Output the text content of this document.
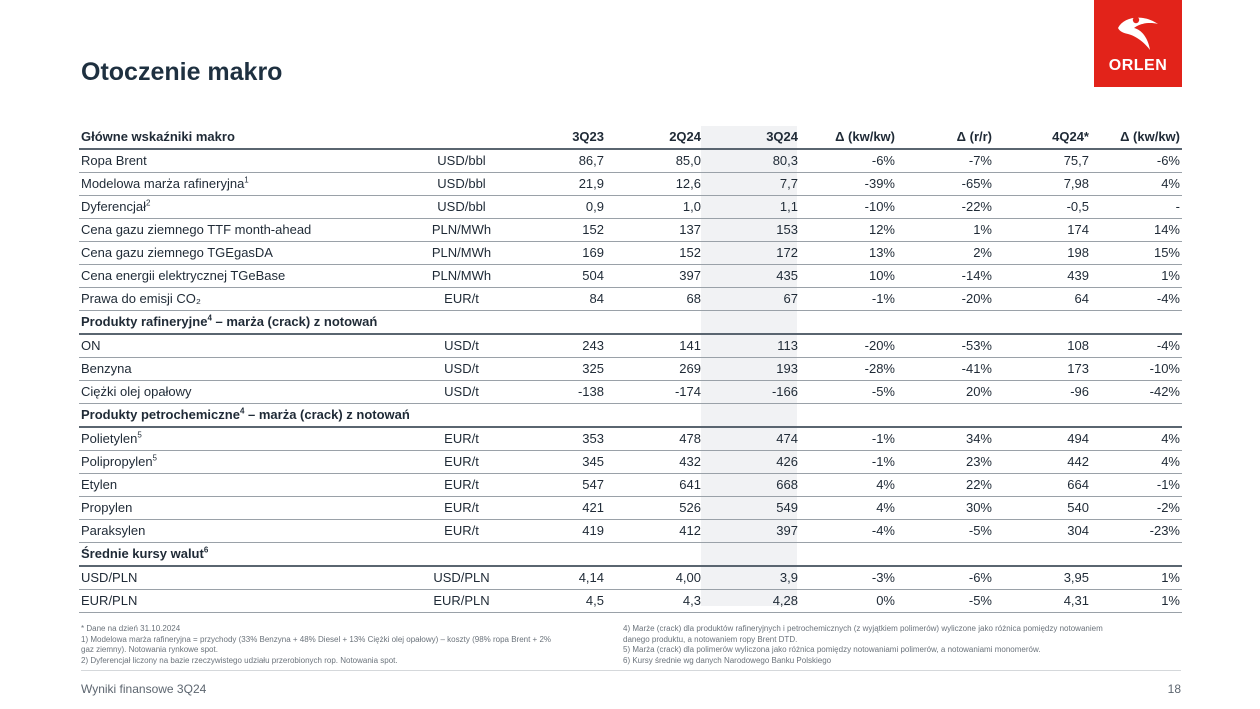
Otoczenie makro	ORLEN
Główne wskaźniki makro		3Q23	2Q24	3Q24	Δ (kw/kw)	Δ (r/r)	4Q24*	Δ (kw/kw)
Ropa Brent	USD/bbl	86,7	85,0	80,3	-6%	-7%	75,7	-6%
Modelowa marża rafineryjna$^1$	USD/bbl	21,9	12,6	7,7	-39%	-65%	7,98	4%
Dyferencjał$^2$	USD/bbl	0,9	1,0	1,1	-10%	-22%	-0,5	-
Cena gazu ziemnego TTF month-ahead	PLN/MWh	152	137	153	12%	1%	174	14%
Cena gazu ziemnego TGEgasDA	PLN/MWh	169	152	172	13%	2%	198	15%
Cena energii elektrycznej TGeBase	PLN/MWh	504	397	435	10%	-14%	439	1%
Prawa do emisji CO₂	EUR/t	84	68	67	-1%	-20%	64	-4%
Produkty rafineryjne$^4$ – marża (crack) z notowań								
ON	USD/t	243	141	113	-20%	-53%	108	-4%
Benzyna	USD/t	325	269	193	-28%	-41%	173	-10%
Ciężki olej opałowy	USD/t	-138	-174	-166	-5%	20%	-96	-42%
Produkty petrochemiczne$^4$ – marża (crack) z notowań								
Polietylen$^5$	EUR/t	353	478	474	-1%	34%	494	4%
Polipropylen$^5$	EUR/t	345	432	426	-1%	23%	442	4%
Etylen	EUR/t	547	641	668	4%	22%	664	-1%
Propylen	EUR/t	421	526	549	4%	30%	540	-2%
Paraksylen	EUR/t	419	412	397	-4%	-5%	304	-23%
Średnie kursy walut$^6$
USD/PLN	USD/PLN	4,14	4,00	3,9	-3%	-6%	3,95	1%
EUR/PLN	EUR/PLN	4,5	4,3	4,28	0%	-5%	4,31	1%
* Dane na dzień 31.10.2024
1) Modelowa marża rafineryjna = przychody (33% Benzyna + 48% Diesel + 13% Ciężki olej opałowy) – koszty (98% ropa Brent + 2%
gaz ziemny). Notowania rynkowe spot.
2) Dyferencjał liczony na bazie rzeczywistego udziału przerobionych rop. Notowania spot.
4) Marże (crack) dla produktów rafineryjnych i petrochemicznych (z wyjątkiem polimerów) wyliczone jako różnica pomiędzy notowaniem
danego produktu, a notowaniem ropy Brent DTD.
5) Marża (crack) dla polimerów wyliczona jako różnica pomiędzy notowaniami polimerów, a notowaniami monomerów.
6) Kursy średnie wg danych Narodowego Banku Polskiego
Wyniki finansowe 3Q24	18
